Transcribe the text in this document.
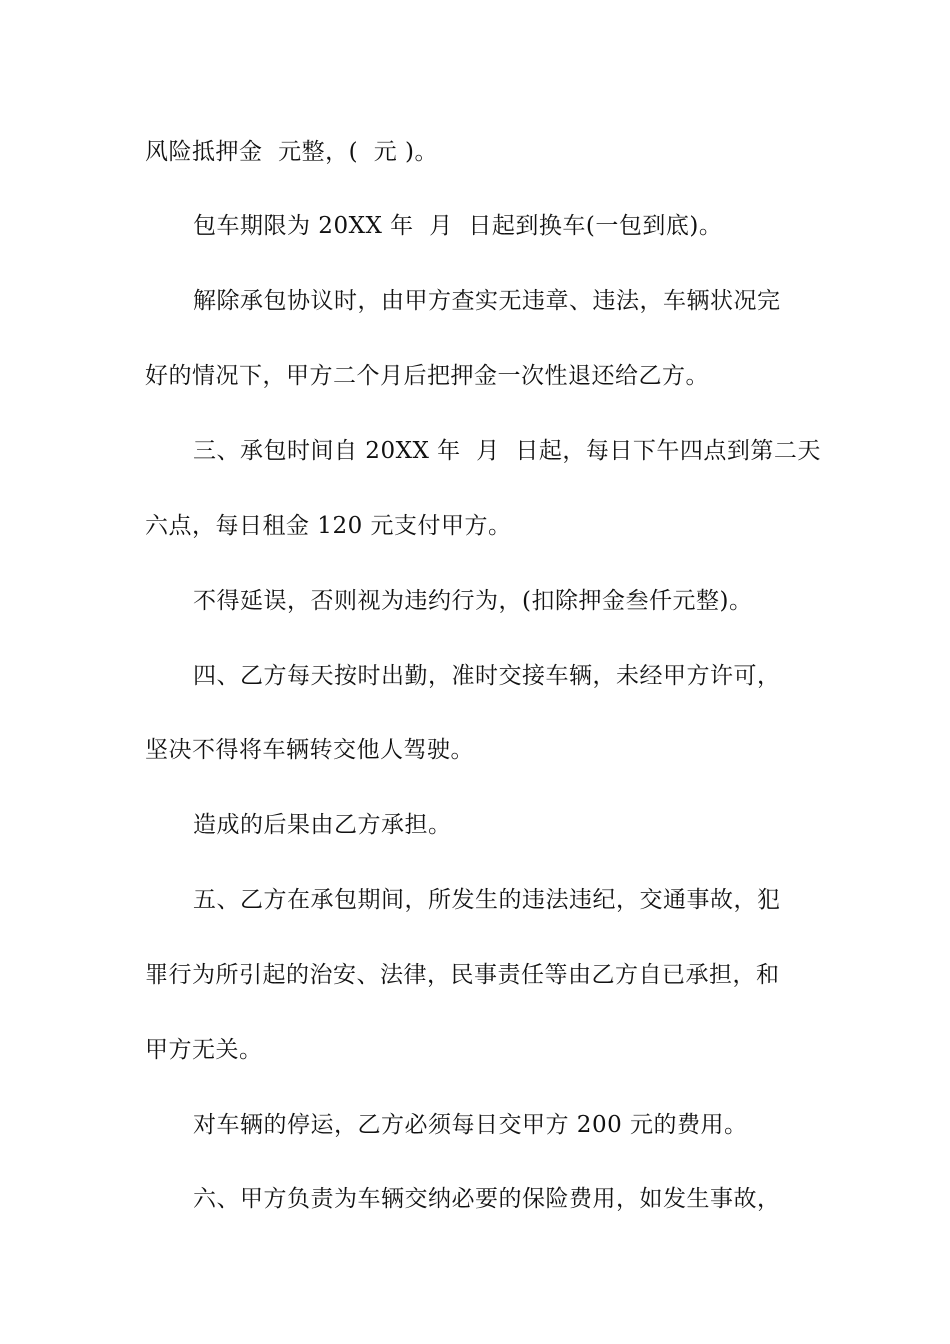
风险抵押金  元整，(  元 )。
包车期限为 20XX 年  月  日起到换车(一包到底)。
解除承包协议时，由甲方查实无违章、违法，车辆状况完
好的情况下，甲方二个月后把押金一次性退还给乙方。
三、承包时间自 20XX 年  月  日起，每日下午四点到第二天
六点，每日租金 120 元支付甲方。
不得延误，否则视为违约行为，(扣除押金叁仟元整)。
四、乙方每天按时出勤，准时交接车辆，未经甲方许可，
坚决不得将车辆转交他人驾驶。
造成的后果由乙方承担。
五、乙方在承包期间，所发生的违法违纪，交通事故，犯
罪行为所引起的治安、法律，民事责任等由乙方自已承担，和
甲方无关。
对车辆的停运，乙方必须每日交甲方 200 元的费用。
六、甲方负责为车辆交纳必要的保险费用，如发生事故，
